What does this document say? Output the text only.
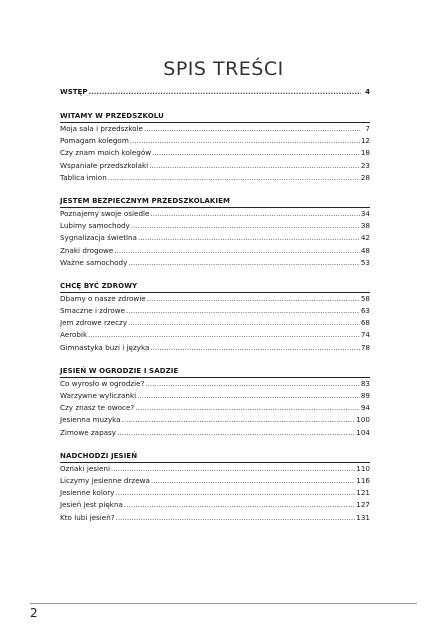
SPIS TREŚCI
WSTĘP .....	4
WITAMY W PRZEDSZKOLU
Moja sala i przedszkole .....	7
Pomagam kolegom .....	12
Czy znam moich kolegów .....	18
Wspaniałe przedszkolaki .....	23
Tablica imion .....	28
JESTEM BEZPIECZNYM PRZEDSZKOLAKIEM
Poznajemy swoje osiedle .....	34
Lubimy samochody .....	38
Sygnalizacja świetlna .....	42
Znaki drogowe .....	48
Ważne samochody .....	53
CHCĘ BYĆ ZDROWY
Dbamy o nasze zdrowie .....	58
Smaczne i zdrowe .....	63
Jem zdrowe rzeczy .....	68
Aerobik .....	74
Gimnastyka buzi i języka .....	78
JESIEŃ W OGRODZIE I SADZIE
Co wyrosło w ogrodzie? .....	83
Warzywne wyliczanki .....	89
Czy znasz te owoce? .....	94
Jesienna muzyka .....	100
Zimowe zapasy .....	104
NADCHODZI JESIEŃ
Oznaki jesieni .....	110
Liczymy jesienne drzewa .....	116
Jesienne kolory .....	121
Jesień jest piękna .....	127
Kto lubi jesień? .....	131
2
